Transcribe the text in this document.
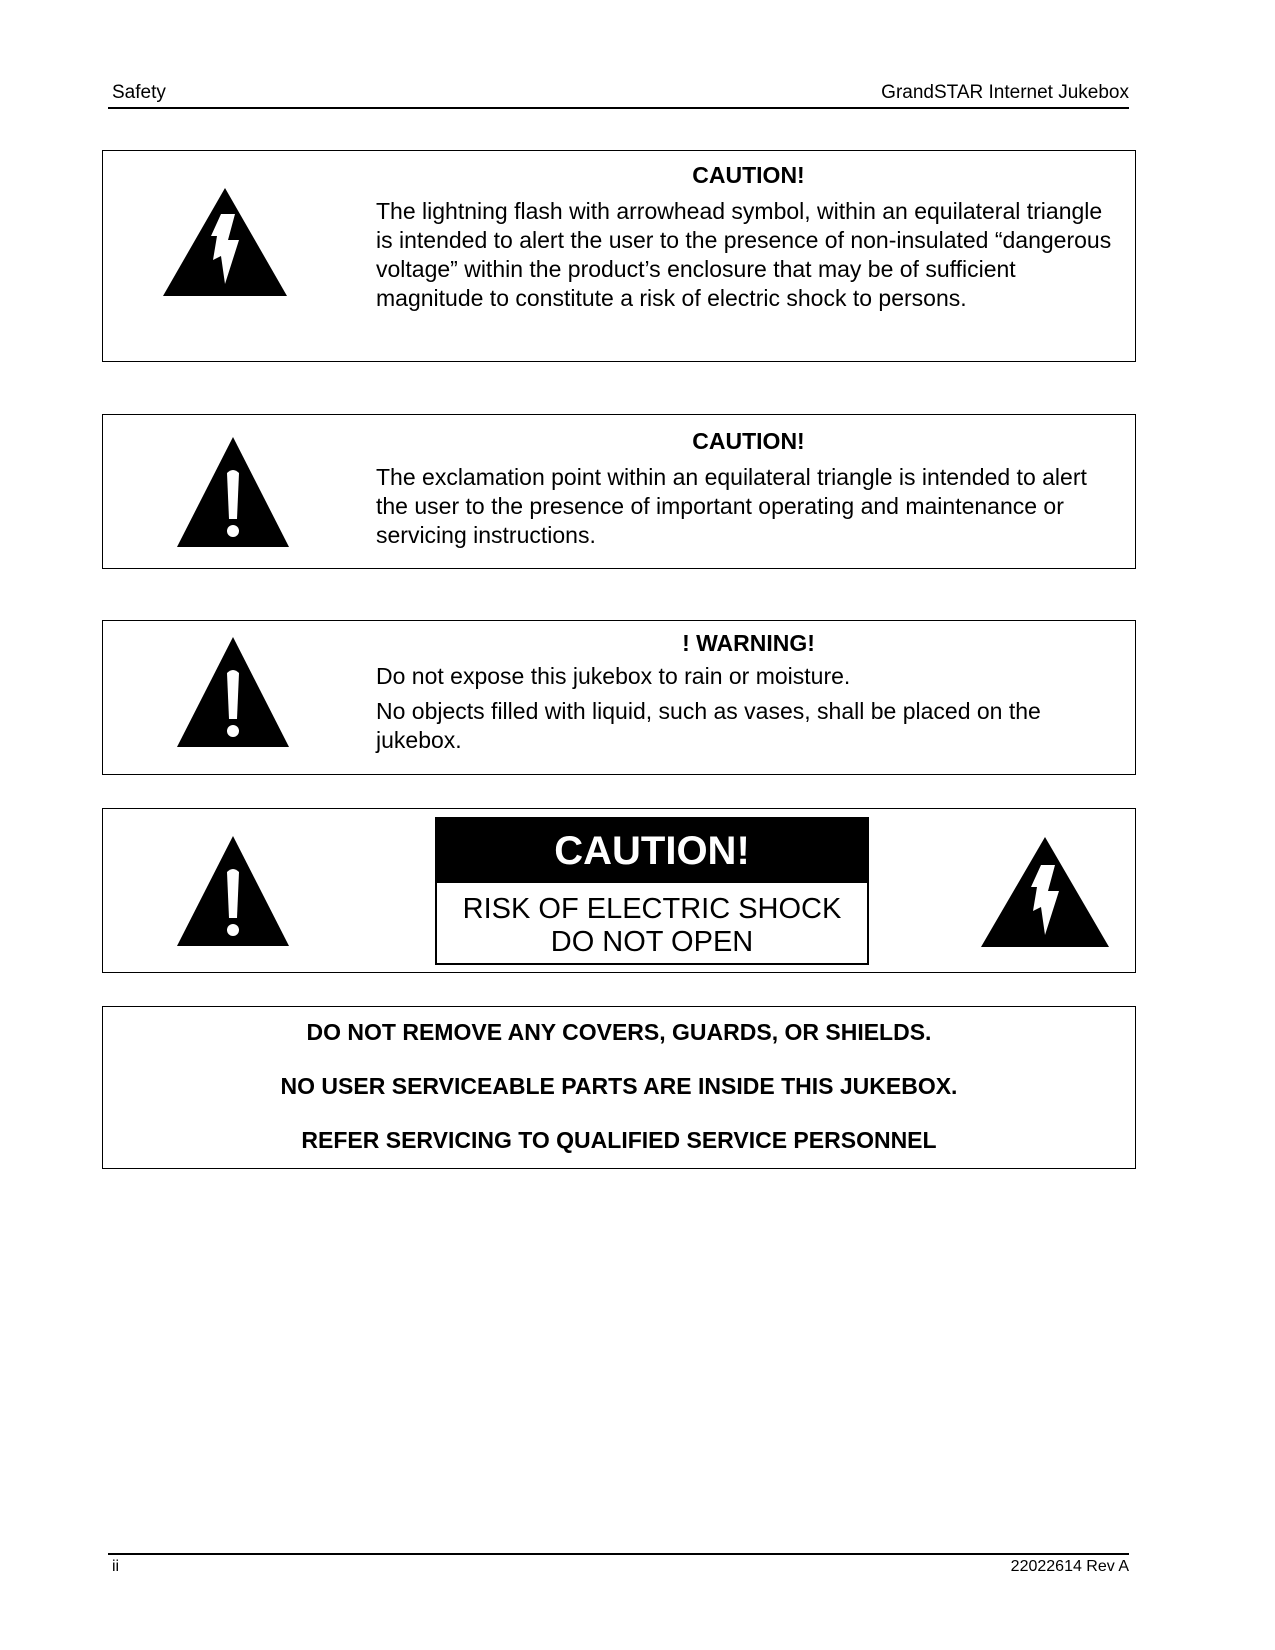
Safety	GrandSTAR Internet Jukebox
CAUTION!
The lightning flash with arrowhead symbol, within an equilateral triangle is intended to alert the user to the presence of non-insulated “dangerous voltage” within the product’s enclosure that may be of sufficient magnitude to constitute a risk of electric shock to persons.
CAUTION!
The exclamation point within an equilateral triangle is intended to alert the user to the presence of important operating and maintenance or servicing instructions.
! WARNING!
Do not expose this jukebox to rain or moisture.
No objects filled with liquid, such as vases, shall be placed on the jukebox.
CAUTION!
RISK OF ELECTRIC SHOCK
DO NOT OPEN
DO NOT REMOVE ANY COVERS, GUARDS, OR SHIELDS.
NO USER SERVICEABLE PARTS ARE INSIDE THIS JUKEBOX.
REFER SERVICING TO QUALIFIED SERVICE PERSONNEL
ii	22022614 Rev A
